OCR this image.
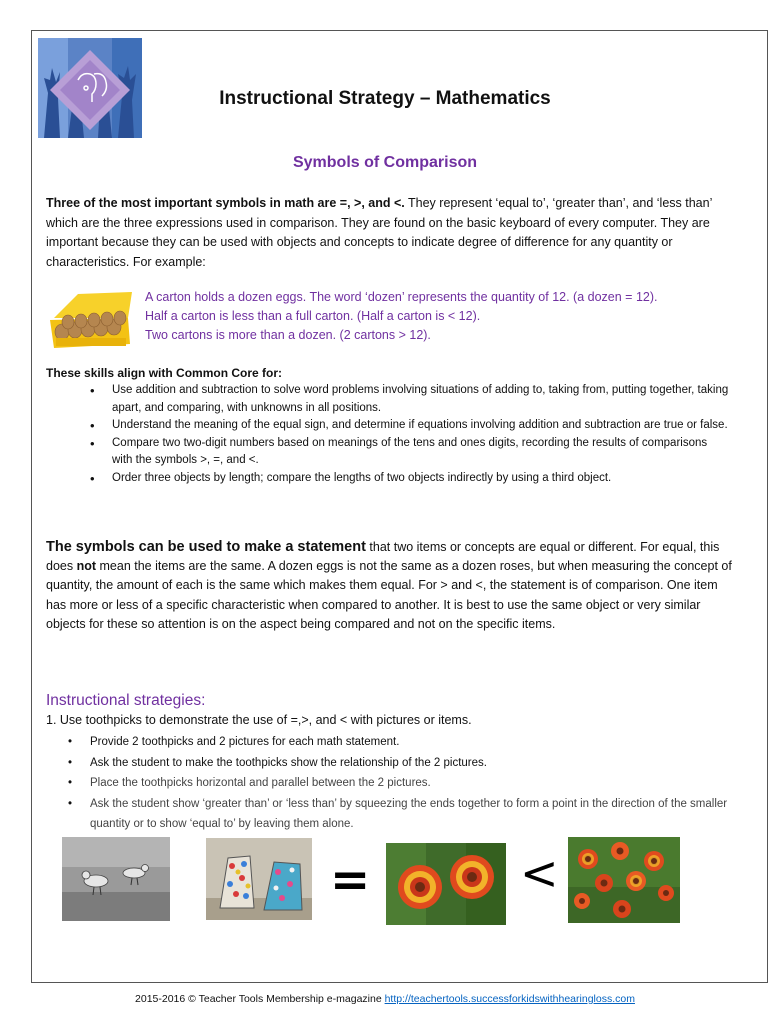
Instructional Strategy – Mathematics
Symbols of Comparison
Three of the most important symbols in math are =, >, and <. They represent ‘equal to’, ‘greater than’, and ‘less than’ which are the three expressions used in comparison. They are found on the basic keyboard of every computer. They are important because they can be used with objects and concepts to indicate degree of difference for any quantity or characteristics. For example:
A carton holds a dozen eggs. The word ‘dozen’ represents the quantity of 12. (a dozen = 12).
Half a carton is less than a full carton. (Half a carton is < 12).
Two cartons is more than a dozen. (2 cartons > 12).
These skills align with Common Core for:
• Use addition and subtraction to solve word problems involving situations of adding to, taking from, putting together, taking apart, and comparing, with unknowns in all positions.
• Understand the meaning of the equal sign, and determine if equations involving addition and subtraction are true or false.
• Compare two two-digit numbers based on meanings of the tens and ones digits, recording the results of comparisons with the symbols >, =, and <.
• Order three objects by length; compare the lengths of two objects indirectly by using a third object.
The symbols can be used to make a statement that two items or concepts are equal or different. For equal, this does not mean the items are the same. A dozen eggs is not the same as a dozen roses, but when measuring the concept of quantity, the amount of each is the same which makes them equal. For > and <, the statement is of comparison. One item has more or less of a specific characteristic when compared to another. It is best to use the same object or very similar objects for these so attention is on the aspect being compared and not on the specific items.
Instructional strategies:
1. Use toothpicks to demonstrate the use of =,>, and < with pictures or items.
• Provide 2 toothpicks and 2 pictures for each math statement.
• Ask the student to make the toothpicks show the relationship of the 2 pictures.
• Place the toothpicks horizontal and parallel between the 2 pictures.
• Ask the student show ‘greater than’ or ‘less than’ by squeezing the ends together to form a point in the direction of the smaller quantity or to show ‘equal to’ by leaving them alone.
=	<
2015-2016 © Teacher Tools Membership e-magazine http://teachertools.successforkidswithhearingloss.com
